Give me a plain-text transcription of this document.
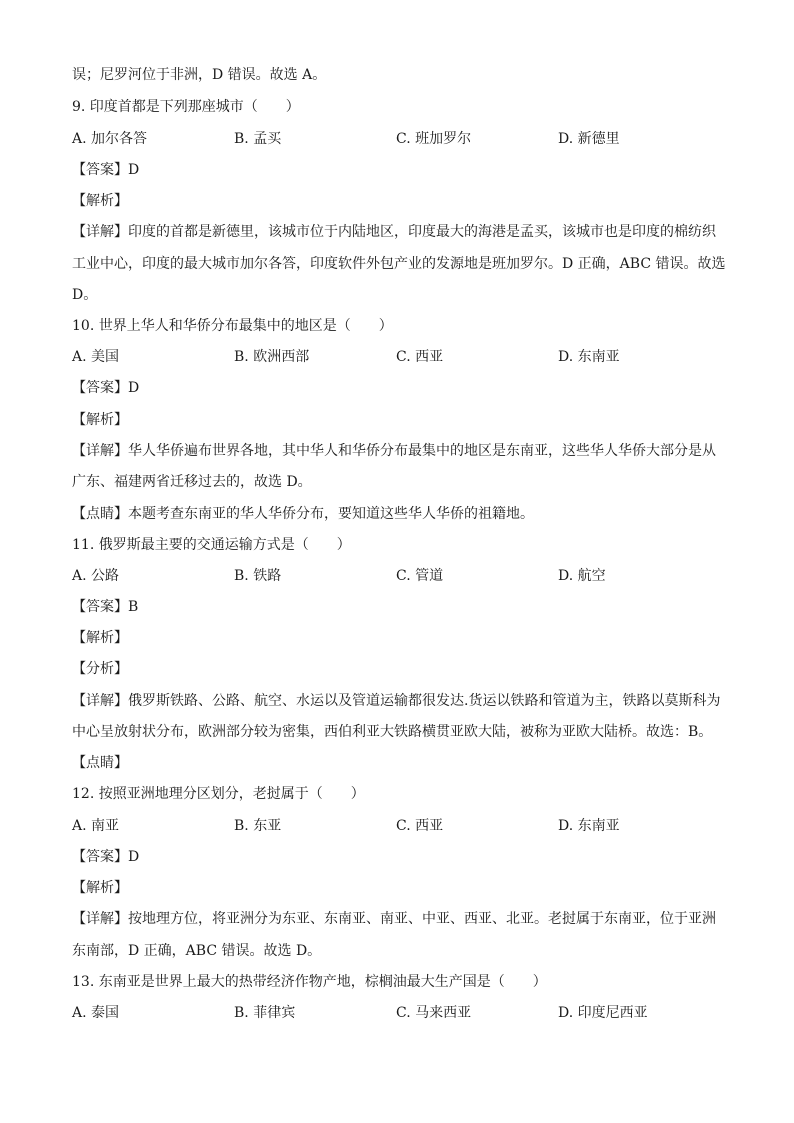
误；尼罗河位于非洲，D 错误。故选 A。
9. 印度首都是下列那座城市（　　）
A. 加尔各答	B. 孟买	C. 班加罗尔	D. 新德里
【答案】D
【解析】
【详解】印度的首都是新德里，该城市位于内陆地区，印度最大的海港是孟买，该城市也是印度的棉纺织
工业中心，印度的最大城市加尔各答，印度软件外包产业的发源地是班加罗尔。D 正确，ABC 错误。故选
D。
10. 世界上华人和华侨分布最集中的地区是（　　）
A. 美国	B. 欧洲西部	C. 西亚	D. 东南亚
【答案】D
【解析】
【详解】华人华侨遍布世界各地，其中华人和华侨分布最集中的地区是东南亚，这些华人华侨大部分是从
广东、福建两省迁移过去的，故选 D。
【点睛】本题考查东南亚的华人华侨分布，要知道这些华人华侨的祖籍地。
11. 俄罗斯最主要的交通运输方式是（　　）
A. 公路	B. 铁路	C. 管道	D. 航空
【答案】B
【解析】
【分析】
【详解】俄罗斯铁路、公路、航空、水运以及管道运输都很发达.货运以铁路和管道为主，铁路以莫斯科为
中心呈放射状分布，欧洲部分较为密集，西伯利亚大铁路横贯亚欧大陆，被称为亚欧大陆桥。故选：B。
【点睛】
12. 按照亚洲地理分区划分，老挝属于（　　）
A. 南亚	B. 东亚	C. 西亚	D. 东南亚
【答案】D
【解析】
【详解】按地理方位，将亚洲分为东亚、东南亚、南亚、中亚、西亚、北亚。老挝属于东南亚，位于亚洲
东南部，D 正确，ABC 错误。故选 D。
13. 东南亚是世界上最大的热带经济作物产地，棕榈油最大生产国是（　　）
A. 泰国	B. 菲律宾	C. 马来西亚	D. 印度尼西亚
